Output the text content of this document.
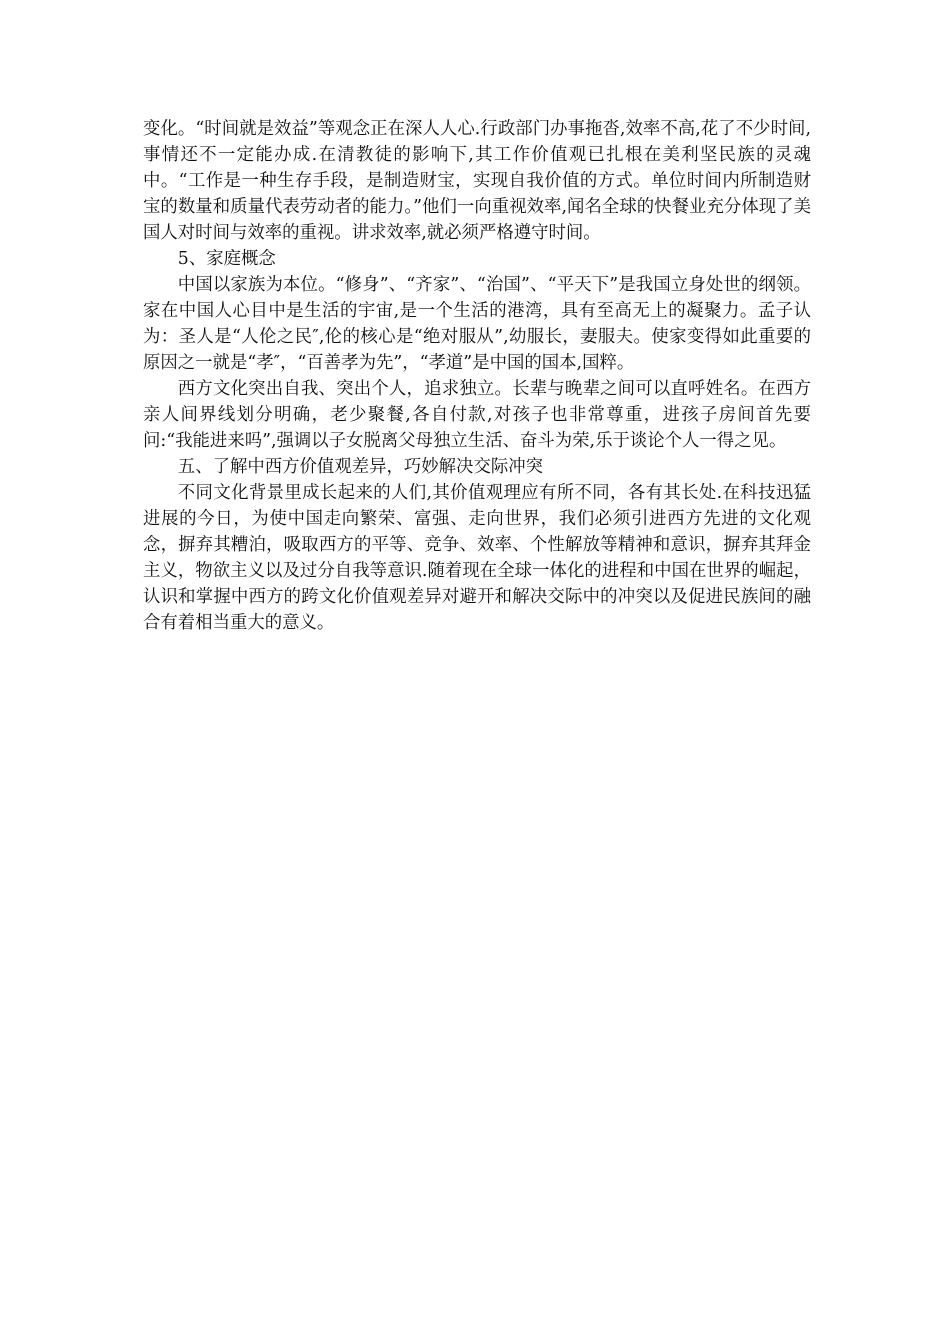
变化。“时间就是效益”等观念正在深人人心.行政部门办事拖沓,效率不高,花了不少时间,事情还不一定能办成.在清教徒的影响下,其工作价值观已扎根在美利坚民族的灵魂中。“工作是一种生存手段，是制造财宝，实现自我价值的方式。单位时间内所制造财宝的数量和质量代表劳动者的能力。”他们一向重视效率,闻名全球的快餐业充分体现了美国人对时间与效率的重视。讲求效率,就必须严格遵守时间。

5、家庭概念

中国以家族为本位。“修身”、“齐家”、“治国”、“平天下”是我国立身处世的纲领。家在中国人心目中是生活的宇宙,是一个生活的港湾，具有至高无上的凝聚力。孟子认为：圣人是“人伦之民″,伦的核心是“绝对服从”,幼服长，妻服夫。使家变得如此重要的原因之一就是“孝″，“百善孝为先”，“孝道”是中国的国本,国粹。

西方文化突出自我、突出个人，追求独立。长辈与晚辈之间可以直呼姓名。在西方亲人间界线划分明确，老少聚餐,各自付款,对孩子也非常尊重，进孩子房间首先要问:“我能进来吗”,强调以子女脱离父母独立生活、奋斗为荣,乐于谈论个人一得之见。

五、了解中西方价值观差异，巧妙解决交际冲突

不同文化背景里成长起来的人们,其价值观理应有所不同，各有其长处.在科技迅猛进展的今日，为使中国走向繁荣、富强、走向世界，我们必须引进西方先进的文化观念，摒弃其糟泊，吸取西方的平等、竞争、效率、个性解放等精神和意识，摒弃其拜金主义，物欲主义以及过分自我等意识.随着现在全球一体化的进程和中国在世界的崛起，认识和掌握中西方的跨文化价值观差异对避开和解决交际中的冲突以及促进民族间的融合有着相当重大的意义。
